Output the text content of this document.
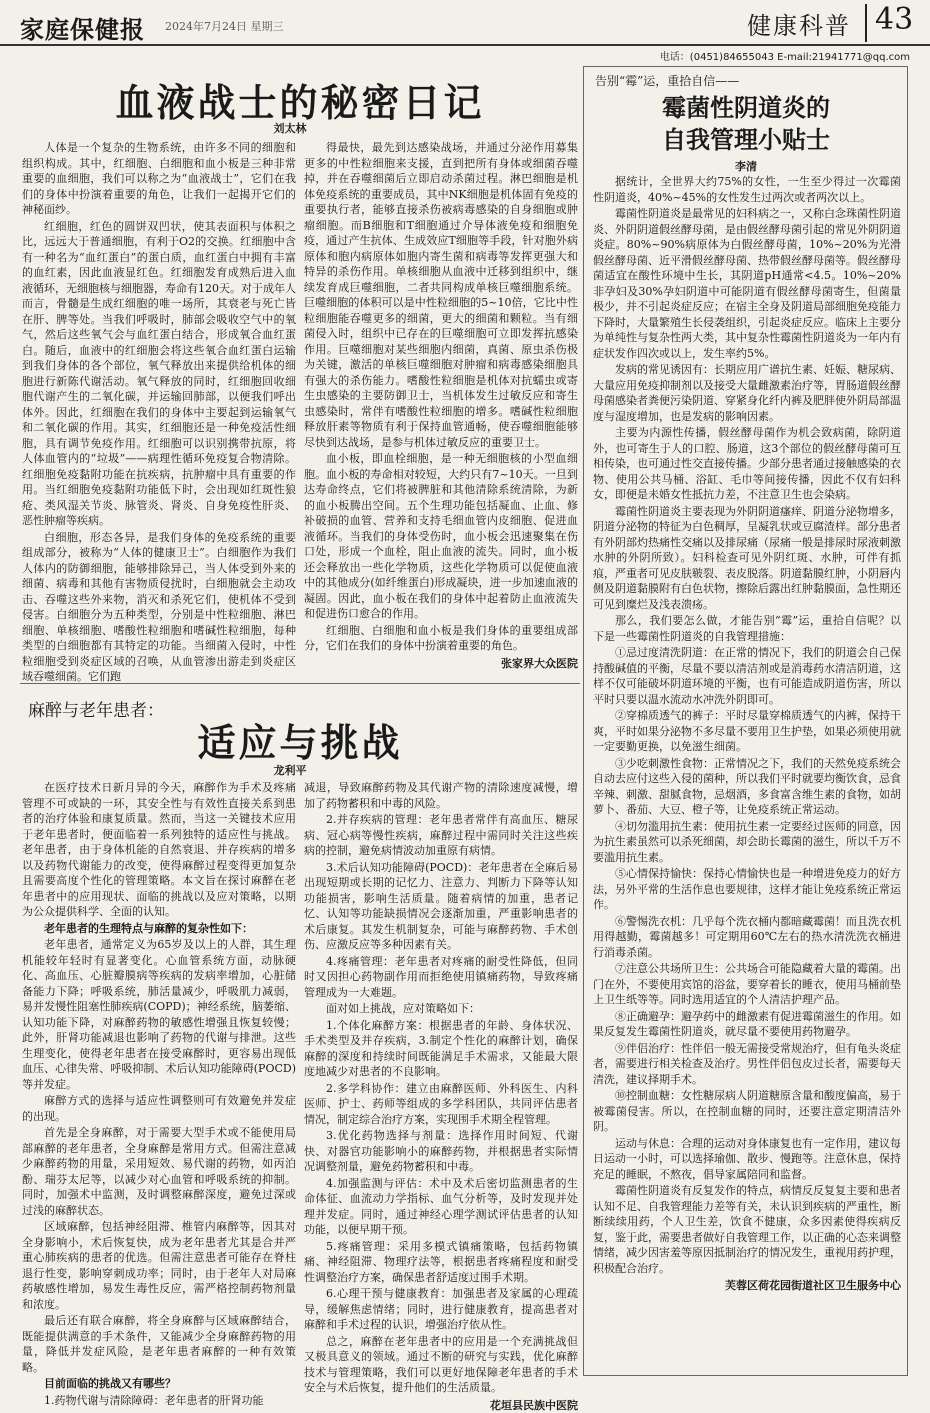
家庭保健报 2024年7月24日 星期三	健康科普 43
电话：(0451)84655043 E-mail:21941771@qq.com
血液战士的秘密日记
刘太林

人体是一个复杂的生物系统，由许多不同的细胞和组织构成。其中，红细胞、白细胞和血小板是三种非常重要的血细胞，我们可以称之为“血液战士”，它们在我们的身体中扮演着重要的角色，让我们一起揭开它们的神秘面纱。

红细胞，红色的圆饼双凹状，使其表面积与体积之比，远远大于普通细胞，有利于O2的交换。红细胞中含有一种名为“血红蛋白”的蛋白质，血红蛋白中拥有丰富的血红素，因此血液显红色。红细胞发育成熟后进入血液循环，无细胞核与细胞器，寿命有120天。对于成年人而言，骨髓是生成红细胞的唯一场所，其衰老与死亡皆在肝、脾等处。当我们呼吸时，肺部会吸收空气中的氧气，然后这些氧气会与血红蛋白结合，形成氧合血红蛋白。随后，血液中的红细胞会将这些氧合血红蛋白运输到我们身体的各个部位，氧气释放出来提供给机体的细胞进行新陈代谢活动。氧气释放的同时，红细胞回收细胞代谢产生的二氧化碳，并运输回肺部，以便我们呼出体外。因此，红细胞在我们的身体中主要起到运输氧气和二氧化碳的作用。其实，红细胞还是一种免疫活性细胞，具有调节免疫作用。红细胞可以识别携带抗原，将人体血管内的“垃圾”——病理性循环免疫复合物清除。红细胞免疫黏附功能在抗疾病，抗肿瘤中具有重要的作用。当红细胞免疫黏附功能低下时，会出现如红斑性狼疮、类风湿关节炎、脉管炎、肾炎、自身免疫性肝炎、恶性肿瘤等疾病。

白细胞，形态各异，是我们身体的免疫系统的重要组成部分，被称为“人体的健康卫士”。白细胞作为我们人体内的防御细胞，能够排除异己，当人体受到外来的细菌、病毒和其他有害物质侵扰时，白细胞就会主动攻击、吞噬这些外来物，消灭和杀死它们，使机体不受到侵害。白细胞分为五种类型，分别是中性粒细胞、淋巴细胞、单核细胞、嗜酸性粒细胞和嗜碱性粒细胞，每种类型的白细胞都有其特定的功能。当细菌入侵时，中性粒细胞受到炎症区域的召唤，从血管渗出游走到炎症区域吞噬细菌。它们跑

得最快，最先到达感染战场，并通过分泌作用募集更多的中性粒细胞来支援，直到把所有身体或细菌吞噬掉，并在吞噬细菌后立即启动杀菌过程。淋巴细胞是机体免疫系统的重要成员，其中NK细胞是机体固有免疫的重要执行者，能够直接杀伤被病毒感染的自身细胞或肿瘤细胞。而B细胞和T细胞通过介导体液免疫和细胞免疫，通过产生抗体、生成效应T细胞等手段，针对胞外病原体和胞内病原体如胞内寄生菌和病毒等发挥更强大和特异的杀伤作用。单核细胞从血液中迁移到组织中，继续发育成巨噬细胞，二者共同构成单核巨噬细胞系统。巨噬细胞的体积可以是中性粒细胞的5~10倍，它比中性粒细胞能吞噬更多的细菌，更大的细菌和颗粒。当有细菌侵入时，组织中已存在的巨噬细胞可立即发挥抗感染作用。巨噬细胞对某些细胞内细菌，真菌、原虫杀伤极为关键，激活的单核巨噬细胞对肿瘤和病毒感染细胞具有强大的杀伤能力。嗜酸性粒细胞是机体对抗蠕虫或寄生虫感染的主要防御卫士，当机体发生过敏反应和寄生虫感染时，常伴有嗜酸性粒细胞的增多。嗜碱性粒细胞释放肝素等物质有利于保持血管通畅，使吞噬细胞能够尽快到达战场，是参与机体过敏反应的重要卫士。

血小板，即血栓细胞，是一种无细胞核的小型血细胞。血小板的寿命相对较短，大约只有7~10天。一旦到达寿命终点，它们将被脾脏和其他清除系统清除，为新的血小板腾出空间。五个生理功能包括凝血、止血、修补破损的血管、营养和支持毛细血管内皮细胞、促进血液循环。当我们的身体受伤时，血小板会迅速聚集在伤口处，形成一个血栓，阻止血液的流失。同时，血小板还会释放出一些化学物质，这些化学物质可以促使血液中的其他成分(如纤维蛋白)形成凝块，进一步加速血液的凝固。因此，血小板在我们的身体中起着防止血液流失和促进伤口愈合的作用。

红细胞、白细胞和血小板是我们身体的重要组成部分，它们在我们的身体中扮演着重要的角色。

张家界大众医院

麻醉与老年患者：
适应与挑战
龙利平

在医疗技术日新月异的今天，麻醉作为手术及疼痛管理不可或缺的一环，其安全性与有效性直接关系到患者的治疗体验和康复质量。然而，当这一关键技术应用于老年患者时，便面临着一系列独特的适应性与挑战。老年患者，由于身体机能的自然衰退、并存疾病的增多以及药物代谢能力的改变，使得麻醉过程变得更加复杂且需要高度个性化的管理策略。本文旨在探讨麻醉在老年患者中的应用现状、面临的挑战以及应对策略，以期为公众提供科学、全面的认知。

老年患者的生理特点与麻醉的复杂性如下：

老年患者，通常定义为65岁及以上的人群，其生理机能较年轻时有显著变化。心血管系统方面，动脉硬化、高血压、心脏瓣膜病等疾病的发病率增加，心脏储备能力下降；呼吸系统，肺活量减少，呼吸肌力减弱，易并发慢性阻塞性肺疾病(COPD)；神经系统，脑萎缩、认知功能下降，对麻醉药物的敏感性增强且恢复较慢；此外，肝肾功能减退也影响了药物的代谢与排泄。这些生理变化，使得老年患者在接受麻醉时，更容易出现低血压、心律失常、呼吸抑制、术后认知功能障碍(POCD)等并发症。

麻醉方式的选择与适应性调整则可有效避免并发症的出现。

首先是全身麻醉，对于需要大型手术或不能使用局部麻醉的老年患者，全身麻醉是常用方式。但需注意减少麻醉药物的用量，采用短效、易代谢的药物，如丙泊酚、瑞芬太尼等，以减少对心血管和呼吸系统的抑制。同时，加强术中监测，及时调整麻醉深度，避免过深或过浅的麻醉状态。

区域麻醉，包括神经阻滞、椎管内麻醉等，因其对全身影响小，术后恢复快，成为老年患者尤其是合并严重心肺疾病的患者的优选。但需注意患者可能存在脊柱退行性变，影响穿刺成功率；同时，由于老年人对局麻药敏感性增加，易发生毒性反应，需严格控制药物剂量和浓度。

最后还有联合麻醉，将全身麻醉与区域麻醉结合，既能提供满意的手术条件，又能减少全身麻醉药物的用量，降低并发症风险，是老年患者麻醉的一种有效策略。

目前面临的挑战又有哪些？

1.药物代谢与清除障碍：老年患者的肝肾功能

减退，导致麻醉药物及其代谢产物的清除速度减慢，增加了药物蓄积和中毒的风险。

2.并存疾病的管理：老年患者常伴有高血压、糖尿病、冠心病等慢性疾病，麻醉过程中需同时关注这些疾病的控制，避免病情波动加重原有病情。

3.术后认知功能障碍(POCD)：老年患者在全麻后易出现短期或长期的记忆力、注意力、判断力下降等认知功能损害，影响生活质量。随着病情的加重，患者记忆、认知等功能缺损情况会逐渐加重，严重影响患者的术后康复。其发生机制复杂，可能与麻醉药物、手术创伤、应激反应等多种因素有关。

4.疼痛管理：老年患者对疼痛的耐受性降低，但同时又因担心药物副作用而拒绝使用镇痛药物，导致疼痛管理成为一大难题。

面对如上挑战，应对策略如下：

1.个体化麻醉方案：根据患者的年龄、身体状况、手术类型及并存疾病，3.制定个性化的麻醉计划，确保麻醉的深度和持续时间既能满足手术需求，又能最大限度地减少对患者的不良影响。

2.多学科协作：建立由麻醉医师、外科医生、内科医师、护士、药师等组成的多学科团队，共同评估患者情况，制定综合治疗方案，实现围手术期全程管理。

3.优化药物选择与剂量：选择作用时间短、代谢快、对器官功能影响小的麻醉药物，并根据患者实际情况调整剂量，避免药物蓄积和中毒。

4.加强监测与评估：术中及术后密切监测患者的生命体征、血流动力学指标、血气分析等，及时发现并处理并发症。同时，通过神经心理学测试评估患者的认知功能，以便早期干预。

5.疼痛管理：采用多模式镇痛策略，包括药物镇痛、神经阻滞、物理疗法等，根据患者疼痛程度和耐受性调整治疗方案，确保患者舒适度过围手术期。

6.心理干预与健康教育：加强患者及家属的心理疏导，缓解焦虑情绪；同时，进行健康教育，提高患者对麻醉和手术过程的认识，增强治疗依从性。

总之，麻醉在老年患者中的应用是一个充满挑战但又极具意义的领域。通过不断的研究与实践，优化麻醉技术与管理策略，我们可以更好地保障老年患者的手术安全与术后恢复，提升他们的生活质量。

花垣县民族中医院

告别“霉”运，重拾自信——
霉菌性阴道炎的
自我管理小贴士
李清

据统计，全世界大约75%的女性，一生至少得过一次霉菌性阴道炎，40%~45%的女性发生过两次或者两次以上。

霉菌性阴道炎是最常见的妇科病之一，又称白念珠菌性阴道炎、外阴阴道假丝酵母菌，是由假丝酵母菌引起的常见外阴阴道炎症。80%~90%病原体为白假丝酵母菌，10%~20%为光滑假丝酵母菌、近平滑假丝酵母菌、热带假丝酵母菌等。假丝酵母菌适宜在酸性环境中生长，其阴道pH通常<4.5。10%~20%非孕妇及30%孕妇阴道中可能阴道有假丝酵母菌寄生，但菌量极少，并不引起炎症反应；在宿主全身及阴道局部细胞免疫能力下降时，大量繁殖生长侵袭组织，引起炎症反应。临床上主要分为单纯性与复杂性两大类，其中复杂性霉菌性阴道炎为一年内有症状发作四次或以上，发生率约5%。

发病的常见诱因有：长期应用广谱抗生素、妊娠、糖尿病、大量应用免疫抑制剂以及接受大量雌激素治疗等，胃肠道假丝酵母菌感染者粪便污染阴道、穿紧身化纤内裤及肥胖使外阴局部温度与湿度增加，也是发病的影响因素。

主要为内源性传播，假丝酵母菌作为机会致病菌，除阴道外，也可寄生于人的口腔、肠道，这3个部位的假丝酵母菌可互相传染，也可通过性交直接传播。少部分患者通过接触感染的衣物、使用公共马桶、浴缸、毛巾等间接传播，因此不仅有妇科女，即便是未婚女性抵抗力差，不注意卫生也会染病。

霉菌性阴道炎主要表现为外阴阴道瘙痒、阴道分泌物增多，阴道分泌物的特征为白色稠厚，呈凝乳状或豆腐渣样。部分患者有外阴部灼热痛性交痛以及排尿痛（尿痛一般是排尿时尿液刺激水肿的外阴所致）。妇科检查可见外阴红斑、水肿，可伴有抓痕，严重者可见皮肤皲裂、表皮脱落。阴道黏膜红肿，小阴唇内侧及阴道黏膜附有白色状物，擦除后露出红肿黏膜面，急性期还可见到糜烂及浅表溃疡。

那么，我们要怎么做，才能告别“霉”运，重拾自信呢？以下是一些霉菌性阴道炎的自我管理措施：

①忌过度清洗阴道：在正常的情况下，我们的阴道会自己保持酸碱值的平衡，尽量不要以清洁剂或是消毒药水清洁阴道，这样不仅可能破坏阴道环境的平衡，也有可能造成阴道伤害，所以平时只要以温水流动水冲洗外阴即可。

②穿棉质透气的裤子：平时尽量穿棉质透气的内裤，保持干爽，平时如果分泌物不多尽量不要用卫生护垫，如果必须使用就一定要勤更换，以免滋生细菌。

③少吃刺激性食物：正常情况之下，我们的天然免疫系统会自动去应付这些入侵的菌种，所以我们平时就要均衡饮食，忌食辛辣、刺激、甜腻食物，忌烟酒，多食富含维生素的食物，如胡萝卜、番茄、大豆、橙子等，让免疫系统正常运动。

④切勿滥用抗生素：使用抗生素一定要经过医师的同意，因为抗生素虽然可以杀死细菌，却会助长霉菌的滋生，所以千万不要滥用抗生素。

⑤心情保持愉快：保持心情愉快也是一种增进免疫力的好方法，另外平常的生活作息也要规律，这样才能让免疫系统正常运作。

⑥警惕洗衣机：几乎每个洗衣桶内都暗藏霉菌！而且洗衣机用得越勤，霉菌越多！可定期用60℃左右的热水清洗洗衣桶进行消毒杀菌。

⑦注意公共场所卫生：公共场合可能隐藏着大量的霉菌。出门在外，不要使用宾馆的浴盆，要穿着长的睡衣，使用马桶前垫上卫生纸等等。同时选用适宜的个人清洁护理产品。

⑧正确避孕：避孕药中的雌激素有促进霉菌滋生的作用。如果反复发生霉菌性阴道炎，就尽量不要使用药物避孕。

⑨伴侣治疗：性伴侣一般无需接受常规治疗，但有龟头炎症者，需要进行相关检查及治疗。男性伴侣包皮过长者，需要每天清洗，建议择期手术。

⑩控制血糖：女性糖尿病人阴道糖原含量和酸度偏高，易于被霉菌侵害。所以，在控制血糖的同时，还要注意定期清洁外阴。

运动与休息：合理的运动对身体康复也有一定作用，建议每日运动一小时，可以选择瑜伽、散步、慢跑等。注意休息，保持充足的睡眠，不熬夜，倡导家属陪同和监督。

霉菌性阴道炎有反复发作的特点，病情反反复复主要和患者认知不足、自我管理能力差等有关，未认识到疾病的严重性，断断续续用药，个人卫生差，饮食不健康，众多因素使得疾病反复，鉴于此，需要患者做好自我管理工作，以正确的心态来调整情绪，减少因害羞等原因抵制治疗的情况发生，重视用药护理，积极配合治疗。

芙蓉区荷花园街道社区卫生服务中心
